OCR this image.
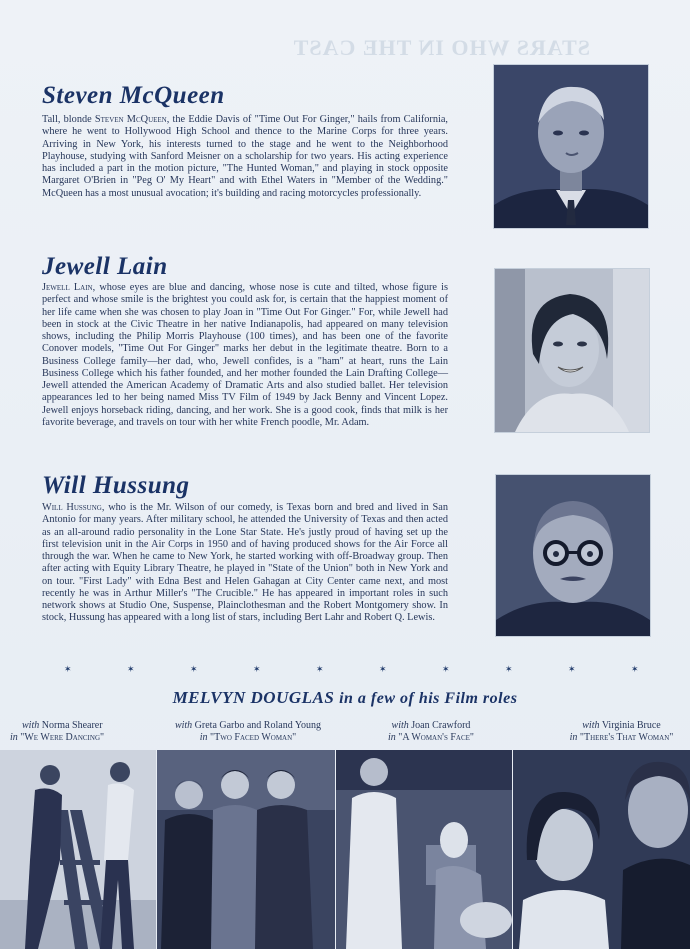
STARS WHO IN THE CAST
Steven McQueen

Tall, blonde Steven McQueen, the Eddie Davis of "Time Out For Ginger," hails from California, where he went to Hollywood High School and thence to the Marine Corps for three years. Arriving in New York, his interests turned to the stage and he went to the Neighborhood Playhouse, studying with Sanford Meisner on a scholarship for two years. His acting experience has included a part in the motion picture, "The Hunted Woman," and playing in stock opposite Margaret O'Brien in "Peg O' My Heart" and with Ethel Waters in "Member of the Wedding." McQueen has a most unusual avocation; it's building and racing motorcycles professionally.

Jewell Lain

Jewell Lain, whose eyes are blue and dancing, whose nose is cute and tilted, whose figure is perfect and whose smile is the brightest you could ask for, is certain that the happiest moment of her life came when she was chosen to play Joan in "Time Out For Ginger." For, while Jewell had been in stock at the Civic Theatre in her native Indianapolis, had appeared on many television shows, including the Philip Morris Playhouse (100 times), and has been one of the favorite Conover models, "Time Out For Ginger" marks her debut in the legitimate theatre. Born to a Business College family—her dad, who, Jewell confides, is a "ham" at heart, runs the Lain Business College which his father founded, and her mother founded the Lain Drafting College—Jewell attended the American Academy of Dramatic Arts and also studied ballet. Her television appearances led to her being named Miss TV Film of 1949 by Jack Benny and Vincent Lopez. Jewell enjoys horseback riding, dancing, and her work. She is a good cook, finds that milk is her favorite beverage, and travels on tour with her white French poodle, Mr. Adam.

Will Hussung

Will Hussung, who is the Mr. Wilson of our comedy, is Texas born and bred and lived in San Antonio for many years. After military school, he attended the University of Texas and then acted as an all-around radio personality in the Lone Star State. He's justly proud of having set up the first television unit in the Air Corps in 1950 and of having produced shows for the Air Force all through the war. When he came to New York, he started working with off-Broadway group. Then after acting with Equity Library Theatre, he played in "State of the Union" both in New York and on tour. "First Lady" with Edna Best and Helen Gahagan at City Center came next, and most recently he was in Arthur Miller's "The Crucible." He has appeared in important roles in such network shows at Studio One, Suspense, Plainclothesman and the Robert Montgomery show. In stock, Hussung has appeared with a long list of stars, including Bert Lahr and Robert Q. Lewis.

✶	✶	✶	✶	✶	✶	✶	✶	✶	✶
MELVYN DOUGLAS in a few of his Film roles
with Norma Shearer
in "We Were Dancing"
with Greta Garbo and Roland Young
in "Two Faced Woman"
with Joan Crawford
in "A Woman's Face"
with Virginia Bruce
in "There's That Woman"
